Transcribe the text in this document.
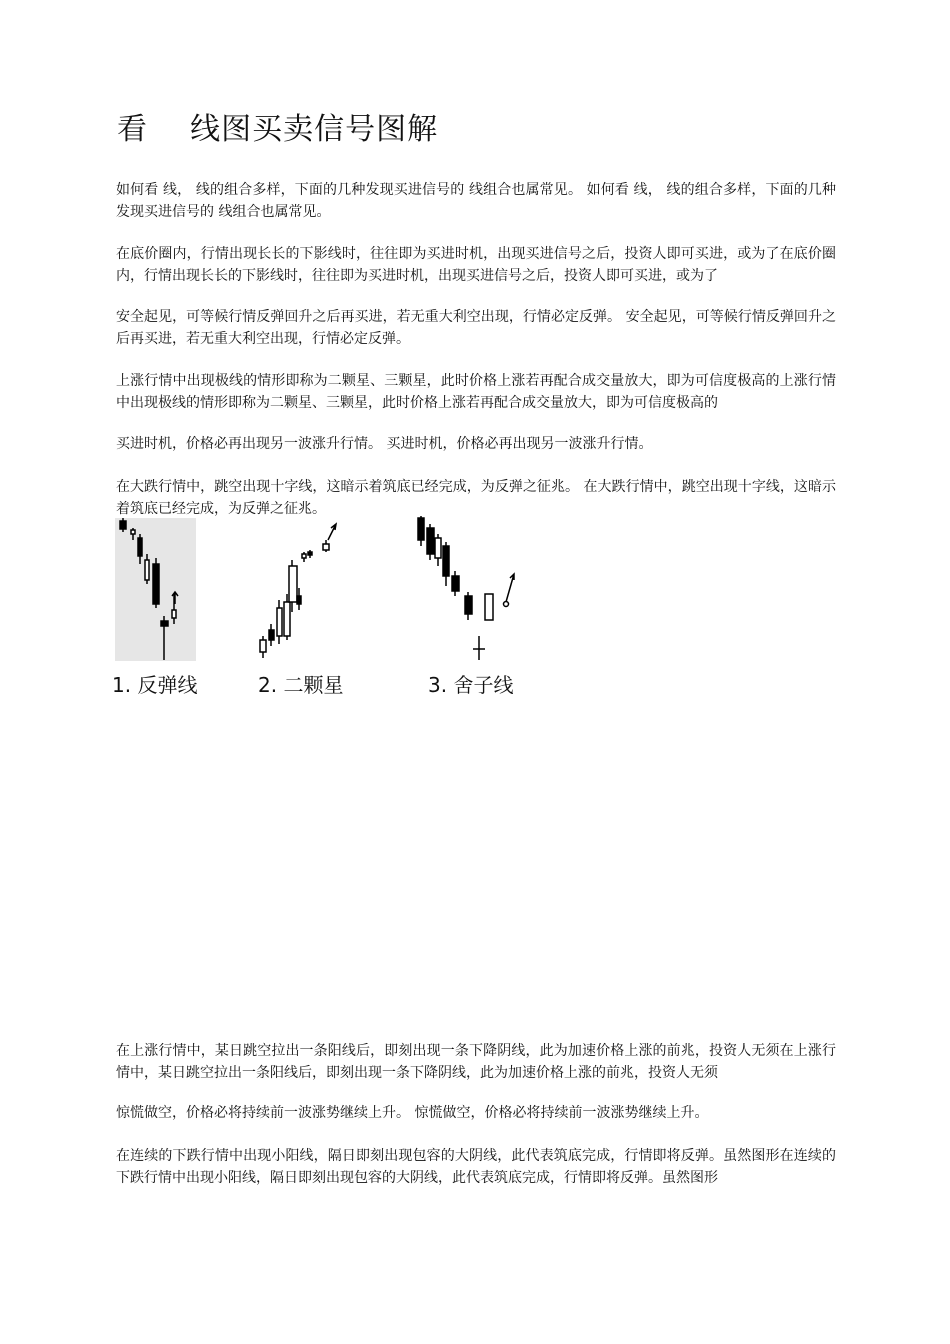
看    线图买卖信号图解

如何看 线， 线的组合多样，下面的几种发现买进信号的 线组合也属常见。 如何看 线， 线的组合多样，下面的几种发现买进信号的 线组合也属常见。

在底价圈内，行情出现长长的下影线时，往往即为买进时机，出现买进信号之后，投资人即可买进，或为了在底价圈内，行情出现长长的下影线时，往往即为买进时机，出现买进信号之后，投资人即可买进，或为了

安全起见，可等候行情反弹回升之后再买进，若无重大利空出现，行情必定反弹。 安全起见，可等候行情反弹回升之后再买进，若无重大利空出现，行情必定反弹。

上涨行情中出现极线的情形即称为二颗星、三颗星，此时价格上涨若再配合成交量放大，即为可信度极高的上涨行情中出现极线的情形即称为二颗星、三颗星，此时价格上涨若再配合成交量放大，即为可信度极高的

买进时机，价格必再出现另一波涨升行情。 买进时机，价格必再出现另一波涨升行情。

在大跌行情中，跳空出现十字线，这暗示着筑底已经完成，为反弹之征兆。 在大跌行情中，跳空出现十字线，这暗示着筑底已经完成，为反弹之征兆。

1. 反弹线	2. 二颗星	3. 舍子线

在上涨行情中，某日跳空拉出一条阳线后，即刻出现一条下降阴线，此为加速价格上涨的前兆，投资人无须在上涨行情中，某日跳空拉出一条阳线后，即刻出现一条下降阴线，此为加速价格上涨的前兆，投资人无须

惊慌做空，价格必将持续前一波涨势继续上升。 惊慌做空，价格必将持续前一波涨势继续上升。

在连续的下跌行情中出现小阳线，隔日即刻出现包容的大阴线，此代表筑底完成，行情即将反弹。虽然图形在连续的下跌行情中出现小阳线，隔日即刻出现包容的大阴线，此代表筑底完成，行情即将反弹。虽然图形
